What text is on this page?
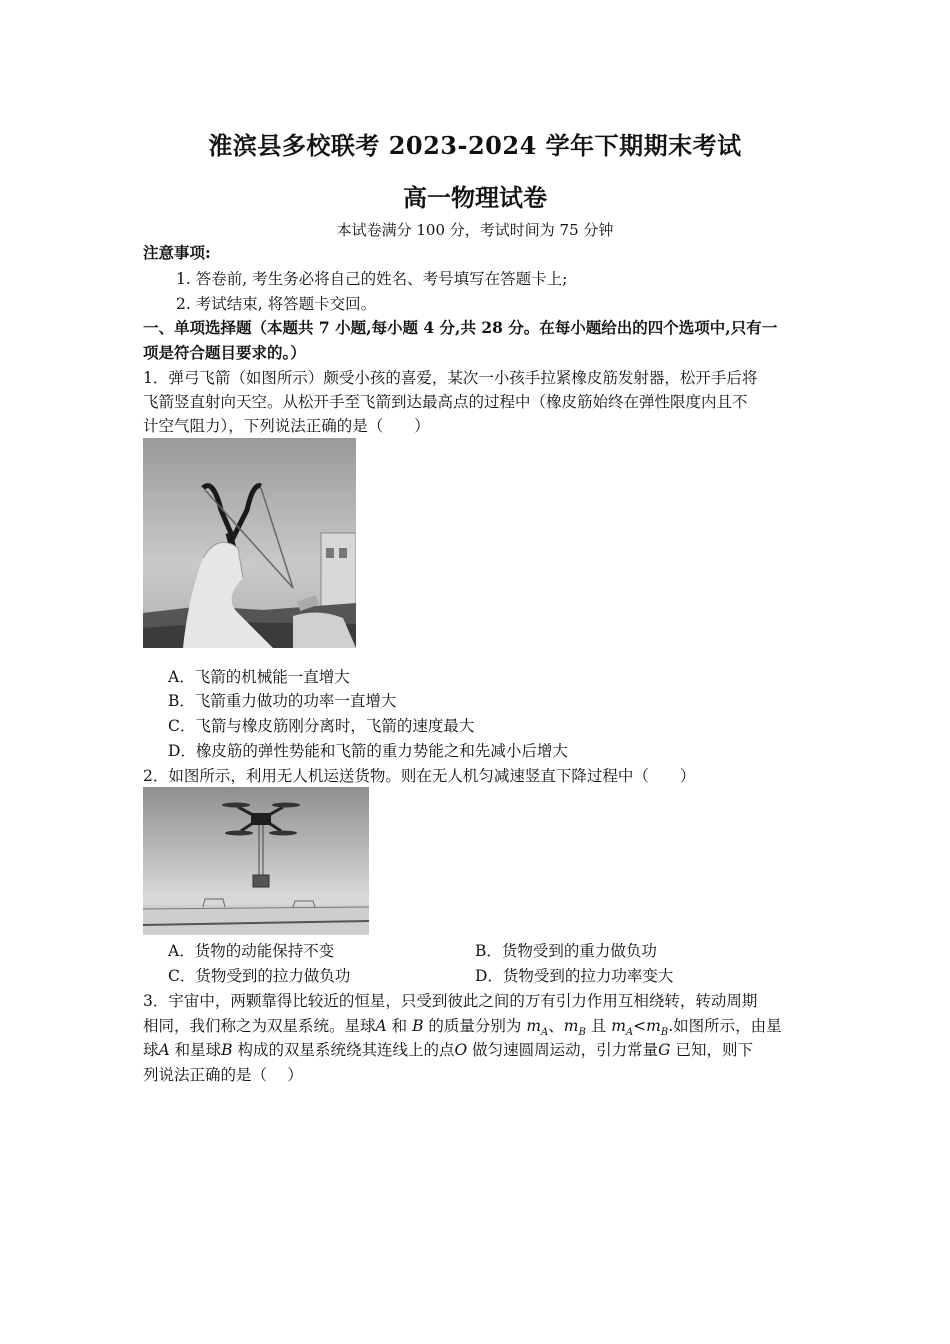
淮滨县多校联考 2023-2024 学年下期期末考试
高一物理试卷
本试卷满分 100 分，考试时间为 75 分钟
注意事项:
1. 答卷前, 考生务必将自己的姓名、考号填写在答题卡上;
2. 考试结束, 将答题卡交回。
一、单项选择题（本题共 7 小题,每小题 4 分,共 28 分。在每小题给出的四个选项中,只有一
项是符合题目要求的。）
1．弹弓飞箭（如图所示）颇受小孩的喜爱，某次一小孩手拉紧橡皮筋发射器，松开手后将
飞箭竖直射向天空。从松开手至飞箭到达最高点的过程中（橡皮筋始终在弹性限度内且不
计空气阻力），下列说法正确的是（　　）
A．飞箭的机械能一直增大
B．飞箭重力做功的功率一直增大
C．飞箭与橡皮筋刚分离时，飞箭的速度最大
D．橡皮筋的弹性势能和飞箭的重力势能之和先减小后增大
2．如图所示，利用无人机运送货物。则在无人机匀减速竖直下降过程中（　　）
A．货物的动能保持不变	B．货物受到的重力做负功
C．货物受到的拉力做负功	D．货物受到的拉力功率变大
3．宇宙中，两颗靠得比较近的恒星，只受到彼此之间的万有引力作用互相绕转，转动周期
相同，我们称之为双星系统。星球A 和 B 的质量分别为 $m_A$、$m_B$ 且 $m_A<m_B$.如图所示，由星
球A 和星球B 构成的双星系统绕其连线上的点O 做匀速圆周运动，引力常量G 已知，则下
列说法正确的是（　 ）
